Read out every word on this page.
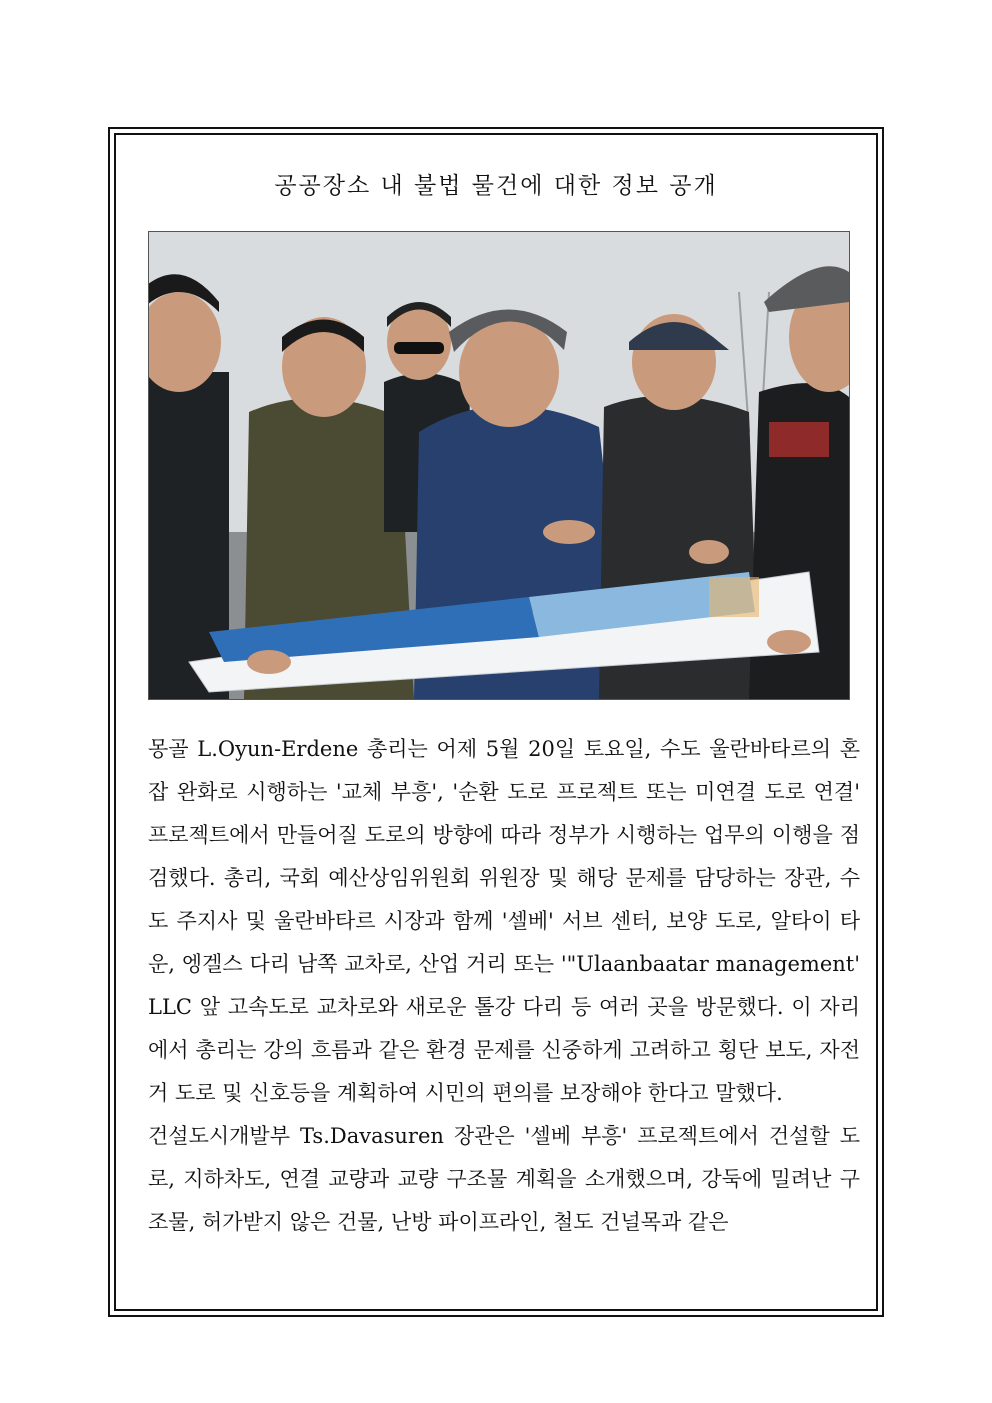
공공장소 내 불법 물건에 대한 정보 공개

몽골 L.Oyun-Erdene 총리는 어제 5월 20일 토요일, 수도 울란바타르의 혼잡 완화로 시행하는 '교체 부흥', '순환 도로 프로젝트 또는 미연결 도로 연결' 프로젝트에서 만들어질 도로의 방향에 따라 정부가 시행하는 업무의 이행을 점검했다. 총리, 국회 예산상임위원회 위원장 및 해당 문제를 담당하는 장관, 수도 주지사 및 울란바타르 시장과 함께 '셀베' 서브 센터, 보양 도로, 알타이 타운, 엥겔스 다리 남쪽 교차로, 산업 거리 또는 '"Ulaanbaatar management' LLC 앞 고속도로 교차로와 새로운 톨강 다리 등 여러 곳을 방문했다. 이 자리에서 총리는 강의 흐름과 같은 환경 문제를 신중하게 고려하고 횡단 보도, 자전거 도로 및 신호등을 계획하여 시민의 편의를 보장해야 한다고 말했다.

건설도시개발부 Ts.Davasuren 장관은 '셀베 부흥' 프로젝트에서 건설할 도로, 지하차도, 연결 교량과 교량 구조물 계획을 소개했으며, 강둑에 밀려난 구조물, 허가받지 않은 건물, 난방 파이프라인, 철도 건널목과 같은
